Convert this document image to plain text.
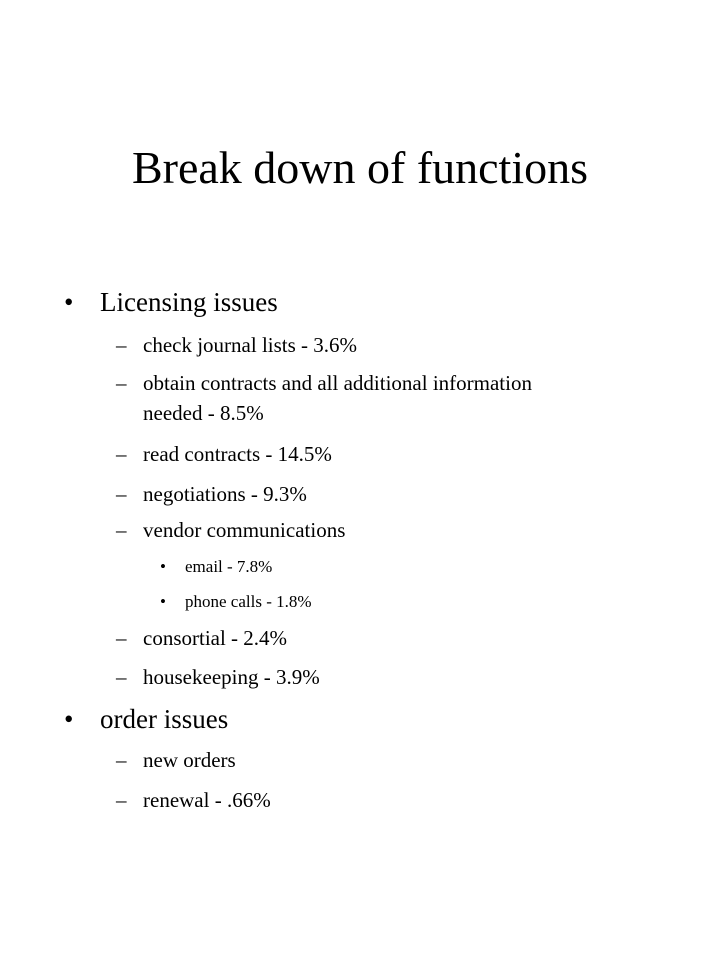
Break down of functions
• Licensing issues
– check journal lists - 3.6%
– obtain contracts and all additional information
needed - 8.5%
– read contracts - 14.5%
– negotiations - 9.3%
– vendor communications
• email - 7.8%
• phone calls - 1.8%
– consortial - 2.4%
– housekeeping - 3.9%
• order issues
– new orders
– renewal - .66%
